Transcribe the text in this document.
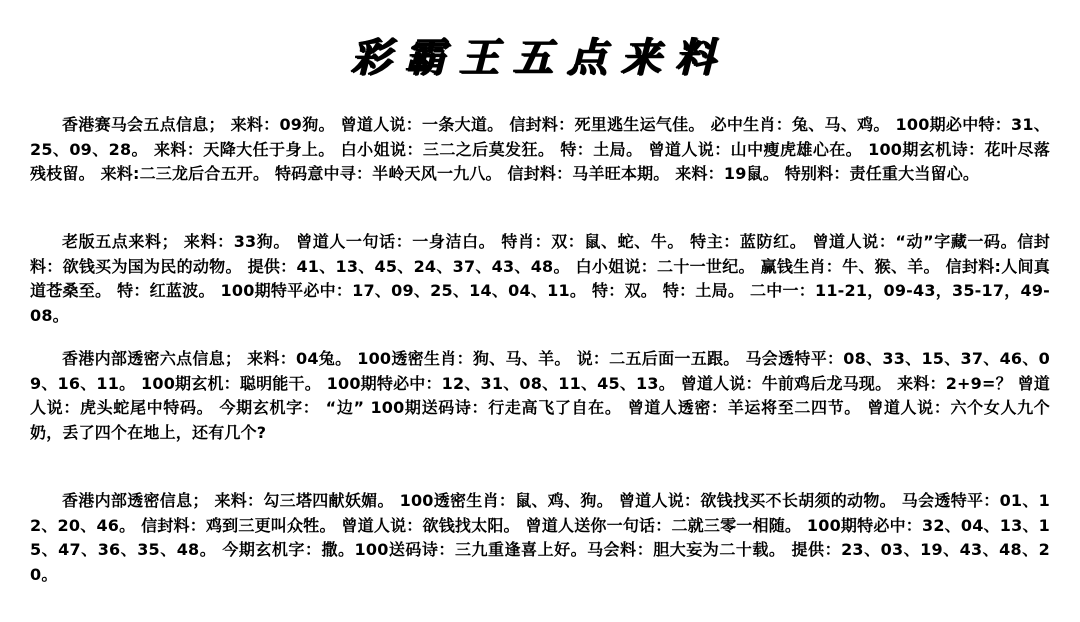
彩霸王五点来料
香港赛马会五点信息； 来料：09狗。 曾道人说：一条大道。 信封料：死里逃生运气佳。 必中生肖：兔、马、鸡。 100期必中特：31、25、09、28。 来料：天降大任于身上。 白小姐说：三二之后莫发狂。 特：土局。 曾道人说：山中瘦虎雄心在。 100期玄机诗：花叶尽落残枝留。 来料:二三龙后合五开。 特码意中寻：半岭天风一九八。 信封料：马羊旺本期。 来料：19鼠。 特别料：责任重大当留心。
老版五点来料； 来料：33狗。 曾道人一句话：一身洁白。 特肖：双：鼠、蛇、牛。 特主：蓝防红。 曾道人说：“动”字藏一码。信封料：欲钱买为国为民的动物。 提供：41、13、45、24、37、43、48。 白小姐说：二十一世纪。 赢钱生肖：牛、猴、羊。 信封料:人间真道苍桑至。 特：红蓝波。 100期特平必中：17、09、25、14、04、11。 特：双。 特：土局。 二中一：11-21，09-43，35-17，49-08。
香港内部透密六点信息； 来料：04兔。 100透密生肖：狗、马、羊。 说：二五后面一五跟。 马会透特平：08、33、15、37、46、09、16、11。 100期玄机：聪明能干。 100期特必中：12、31、08、11、45、13。 曾道人说：牛前鸡后龙马现。 来料：2+9=？ 曾道人说：虎头蛇尾中特码。 今期玄机字： “边” 100期送码诗：行走高飞了自在。 曾道人透密：羊运将至二四节。 曾道人说：六个女人九个奶，丢了四个在地上，还有几个?
香港内部透密信息； 来料：勾三塔四献妖媚。 100透密生肖：鼠、鸡、狗。 曾道人说：欲钱找买不长胡须的动物。 马会透特平：01、12、20、46。 信封料：鸡到三更叫众牲。 曾道人说：欲钱找太阳。 曾道人送你一句话：二就三零一相随。 100期特必中：32、04、13、15、47、36、35、48。 今期玄机字：撒。100送码诗：三九重逢喜上好。马会料：胆大妄为二十载。 提供：23、03、19、43、48、20。
